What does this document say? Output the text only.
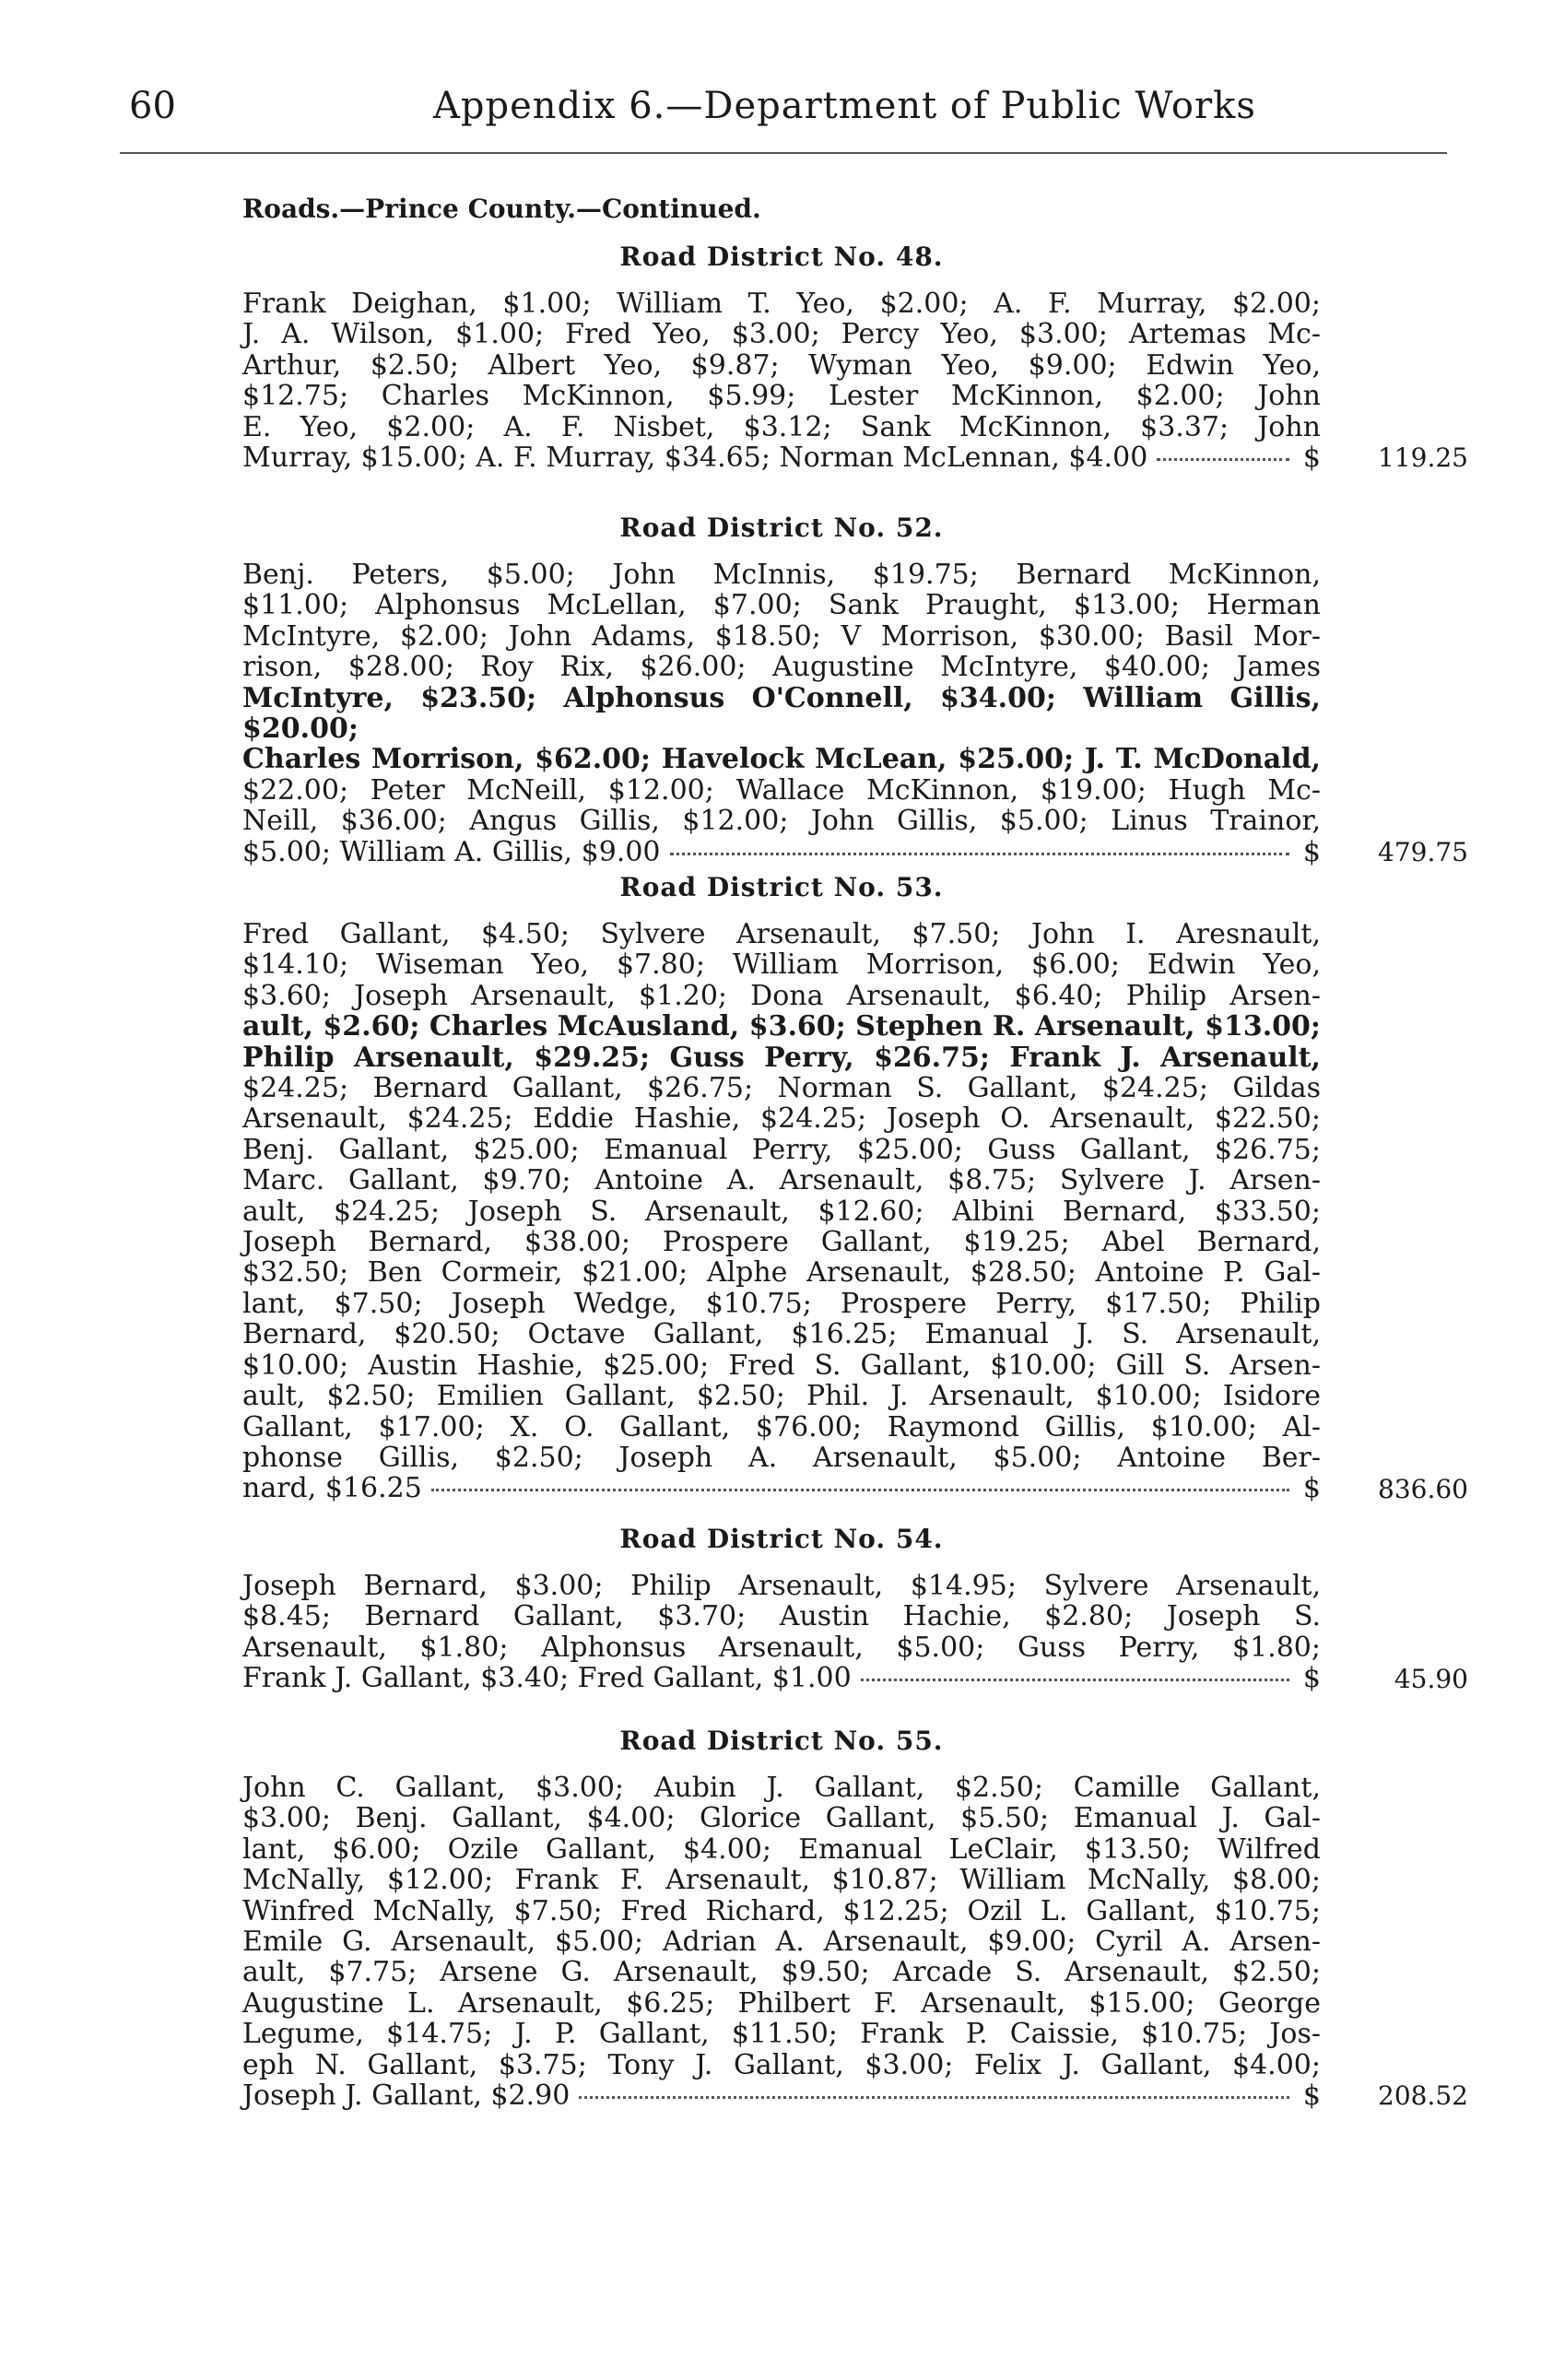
60	Appendix 6.—Department of Public Works
Roads.—Prince County.—Continued.
Road District No. 48.
Frank Deighan, $1.00; William T. Yeo, $2.00; A. F. Murray, $2.00;
J. A. Wilson, $1.00; Fred Yeo, $3.00; Percy Yeo, $3.00; Artemas Mc-
Arthur, $2.50; Albert Yeo, $9.87; Wyman Yeo, $9.00; Edwin Yeo,
$12.75; Charles McKinnon, $5.99; Lester McKinnon, $2.00; John
E. Yeo, $2.00; A. F. Nisbet, $3.12; Sank McKinnon, $3.37; John
Murray, $15.00; A. F. Murray, $34.65; Norman McLennan, $4.00	$	119.25
Road District No. 52.
Benj. Peters, $5.00; John McInnis, $19.75; Bernard McKinnon,
$11.00; Alphonsus McLellan, $7.00; Sank Praught, $13.00; Herman
McIntyre, $2.00; John Adams, $18.50; V Morrison, $30.00; Basil Mor-
rison, $28.00; Roy Rix, $26.00; Augustine McIntyre, $40.00; James
McIntyre, $23.50; Alphonsus O'Connell, $34.00; William Gillis, $20.00;
Charles Morrison, $62.00; Havelock McLean, $25.00; J. T. McDonald,
$22.00; Peter McNeill, $12.00; Wallace McKinnon, $19.00; Hugh Mc-
Neill, $36.00; Angus Gillis, $12.00; John Gillis, $5.00; Linus Trainor,
$5.00; William A. Gillis, $9.00	$	479.75
Road District No. 53.
Fred Gallant, $4.50; Sylvere Arsenault, $7.50; John I. Aresnault,
$14.10; Wiseman Yeo, $7.80; William Morrison, $6.00; Edwin Yeo,
$3.60; Joseph Arsenault, $1.20; Dona Arsenault, $6.40; Philip Arsen-
ault, $2.60; Charles McAusland, $3.60; Stephen R. Arsenault, $13.00;
Philip Arsenault, $29.25; Guss Perry, $26.75; Frank J. Arsenault,
$24.25; Bernard Gallant, $26.75; Norman S. Gallant, $24.25; Gildas
Arsenault, $24.25; Eddie Hashie, $24.25; Joseph O. Arsenault, $22.50;
Benj. Gallant, $25.00; Emanual Perry, $25.00; Guss Gallant, $26.75;
Marc. Gallant, $9.70; Antoine A. Arsenault, $8.75; Sylvere J. Arsen-
ault, $24.25; Joseph S. Arsenault, $12.60; Albini Bernard, $33.50;
Joseph Bernard, $38.00; Prospere Gallant, $19.25; Abel Bernard,
$32.50; Ben Cormeir, $21.00; Alphe Arsenault, $28.50; Antoine P. Gal-
lant, $7.50; Joseph Wedge, $10.75; Prospere Perry, $17.50; Philip
Bernard, $20.50; Octave Gallant, $16.25; Emanual J. S. Arsenault,
$10.00; Austin Hashie, $25.00; Fred S. Gallant, $10.00; Gill S. Arsen-
ault, $2.50; Emilien Gallant, $2.50; Phil. J. Arsenault, $10.00; Isidore
Gallant, $17.00; X. O. Gallant, $76.00; Raymond Gillis, $10.00; Al-
phonse Gillis, $2.50; Joseph A. Arsenault, $5.00; Antoine Ber-
nard, $16.25	$	836.60
Road District No. 54.
Joseph Bernard, $3.00; Philip Arsenault, $14.95; Sylvere Arsenault,
$8.45; Bernard Gallant, $3.70; Austin Hachie, $2.80; Joseph S.
Arsenault, $1.80; Alphonsus Arsenault, $5.00; Guss Perry, $1.80;
Frank J. Gallant, $3.40; Fred Gallant, $1.00	$	45.90
Road District No. 55.
John C. Gallant, $3.00; Aubin J. Gallant, $2.50; Camille Gallant,
$3.00; Benj. Gallant, $4.00; Glorice Gallant, $5.50; Emanual J. Gal-
lant, $6.00; Ozile Gallant, $4.00; Emanual LeClair, $13.50; Wilfred
McNally, $12.00; Frank F. Arsenault, $10.87; William McNally, $8.00;
Winfred McNally, $7.50; Fred Richard, $12.25; Ozil L. Gallant, $10.75;
Emile G. Arsenault, $5.00; Adrian A. Arsenault, $9.00; Cyril A. Arsen-
ault, $7.75; Arsene G. Arsenault, $9.50; Arcade S. Arsenault, $2.50;
Augustine L. Arsenault, $6.25; Philbert F. Arsenault, $15.00; George
Legume, $14.75; J. P. Gallant, $11.50; Frank P. Caissie, $10.75; Jos-
eph N. Gallant, $3.75; Tony J. Gallant, $3.00; Felix J. Gallant, $4.00;
Joseph J. Gallant, $2.90	$	208.52
